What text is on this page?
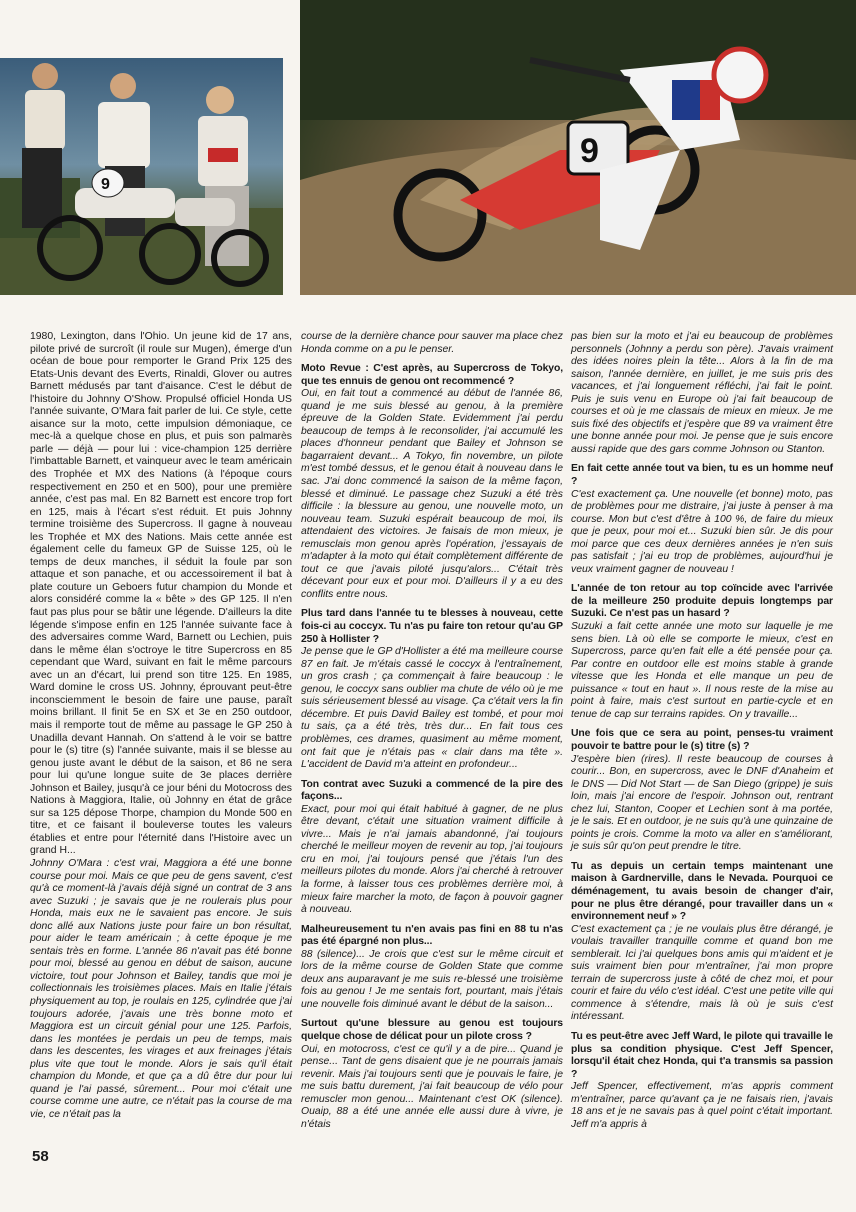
9
9

1980, Lexington, dans l'Ohio. Un jeune kid de 17 ans, pilote privé de surcroît (il roule sur Mugen), émerge d'un océan de boue pour remporter le Grand Prix 125 des Etats-Unis devant des Everts, Rinaldi, Glover ou autres Barnett médusés par tant d'aisance. C'est le début de l'histoire du Johnny O'Show. Propulsé officiel Honda US l'année suivante, O'Mara fait parler de lui. Ce style, cette aisance sur la moto, cette impulsion démoniaque, ce mec-là a quelque chose en plus, et puis son palmarès parle — déjà — pour lui : vice-champion 125 derrière l'imbattable Barnett, et vainqueur avec le team américain des Trophée et MX des Nations (à l'époque cours respectivement en 250 et en 500), pour une première année, c'est pas mal. En 82 Barnett est encore trop fort en 125, mais à l'écart s'est réduit. Et puis Johnny termine troisième des Supercross. Il gagne à nouveau les Trophée et MX des Nations. Mais cette année est également celle du fameux GP de Suisse 125, où le temps de deux manches, il séduit la foule par son attaque et son panache, et ou accessoirement il bat à plate couture un Geboers futur champion du Monde et alors considéré comme la « bête » des GP 125. Il n'en faut pas plus pour se bâtir une légende. D'ailleurs la dite légende s'impose enfin en 125 l'année suivante face à des adversaires comme Ward, Barnett ou Lechien, puis dans le même élan s'octroye le titre Supercross en 85 cependant que Ward, suivant en fait le même parcours avec un an d'écart, lui prend son titre 125. En 1985, Ward domine le cross US. Johnny, éprouvant peut-être inconsciemment le besoin de faire une pause, paraît moins brillant. Il finit 5e en SX et 3e en 250 outdoor, mais il remporte tout de même au passage le GP 250 à Unadilla devant Hannah. On s'attend à le voir se battre pour le (s) titre (s) l'année suivante, mais il se blesse au genou juste avant le début de la saison, et 86 ne sera pour lui qu'une longue suite de 3e places derrière Johnson et Bailey, jusqu'à ce jour béni du Motocross des Nations à Maggiora, Italie, où Johnny en état de grâce sur sa 125 dépose Thorpe, champion du Monde 500 en titre, et ce faisant il bouleverse toutes les valeurs établies et entre pour l'éternité dans l'Histoire avec un grand H...

Johnny O'Mara : c'est vrai, Maggiora a été une bonne course pour moi. Mais ce que peu de gens savent, c'est qu'à ce moment-là j'avais déjà signé un contrat de 3 ans avec Suzuki ; je savais que je ne roulerais plus pour Honda, mais eux ne le savaient pas encore. Je suis donc allé aux Nations juste pour faire un bon résultat, pour aider le team américain ; à cette époque je me sentais très en forme. L'année 86 n'avait pas été bonne pour moi, blessé au genou en début de saison, aucune victoire, tout pour Johnson et Bailey, tandis que moi je collectionnais les troisièmes places. Mais en Italie j'étais physiquement au top, je roulais en 125, cylindrée que j'ai toujours adorée, j'avais une très bonne moto et Maggiora est un circuit génial pour une 125. Parfois, dans les montées je perdais un peu de temps, mais dans les descentes, les virages et aux freinages j'étais plus vite que tout le monde. Alors je sais qu'il était champion du Monde, et que ça a dû être dur pour lui quand je l'ai passé, sûrement... Pour moi c'était une course comme une autre, ce n'était pas la course de ma vie, ce n'était pas la

course de la dernière chance pour sauver ma place chez Honda comme on a pu le penser.

Moto Revue : C'est après, au Supercross de Tokyo, que tes ennuis de genou ont recommencé ?

Oui, en fait tout a commencé au début de l'année 86, quand je me suis blessé au genou, à la première épreuve de la Golden State. Evidemment j'ai perdu beaucoup de temps à le reconsolider, j'ai accumulé les places d'honneur pendant que Bailey et Johnson se bagarraient devant... A Tokyo, fin novembre, un pilote m'est tombé dessus, et le genou était à nouveau dans le sac. J'ai donc commencé la saison de la même façon, blessé et diminué. Le passage chez Suzuki a été très difficile : la blessure au genou, une nouvelle moto, un nouveau team. Suzuki espérait beaucoup de moi, ils attendaient des victoires. Je faisais de mon mieux, je remusclais mon genou après l'opération, j'essayais de m'adapter à la moto qui était complètement différente de tout ce que j'avais piloté jusqu'alors... C'était très décevant pour eux et pour moi. D'ailleurs il y a eu des conflits entre nous.

Plus tard dans l'année tu te blesses à nouveau, cette fois-ci au coccyx. Tu n'as pu faire ton retour qu'au GP 250 à Hollister ?

Je pense que le GP d'Hollister a été ma meilleure course 87 en fait. Je m'étais cassé le coccyx à l'entraînement, un gros crash ; ça commençait à faire beaucoup : le genou, le coccyx sans oublier ma chute de vélo où je me suis sérieusement blessé au visage. Ça c'était vers la fin décembre. Et puis David Bailey est tombé, et pour moi tu sais, ça a été très, très dur... En fait tous ces problèmes, ces drames, quasiment au même moment, ont fait que je n'étais pas « clair dans ma tête ». L'accident de David m'a atteint en profondeur...

Ton contrat avec Suzuki a commencé de la pire des façons...

Exact, pour moi qui était habitué à gagner, de ne plus être devant, c'était une situation vraiment difficile à vivre... Mais je n'ai jamais abandonné, j'ai toujours cherché le meilleur moyen de revenir au top, j'ai toujours cru en moi, j'ai toujours pensé que j'étais l'un des meilleurs pilotes du monde. Alors j'ai cherché à retrouver la forme, à laisser tous ces problèmes derrière moi, à mieux faire marcher la moto, de façon à pouvoir gagner à nouveau.

Malheureusement tu n'en avais pas fini en 88 tu n'as pas été épargné non plus...

88 (silence)... Je crois que c'est sur le même circuit et lors de la même course de Golden State que comme deux ans auparavant je me suis re-blessé une troisième fois au genou ! Je me sentais fort, pourtant, mais j'étais une nouvelle fois diminué avant le début de la saison...

Surtout qu'une blessure au genou est toujours quelque chose de délicat pour un pilote cross ?

Oui, en motocross, c'est ce qu'il y a de pire... Quand je pense... Tant de gens disaient que je ne pourrais jamais revenir. Mais j'ai toujours senti que je pouvais le faire, je me suis battu durement, j'ai fait beaucoup de vélo pour remuscler mon genou... Maintenant c'est OK (silence). Ouaip, 88 a été une année elle aussi dure à vivre, je n'étais

pas bien sur la moto et j'ai eu beaucoup de problèmes personnels (Johnny a perdu son père). J'avais vraiment des idées noires plein la tête... Alors à la fin de ma saison, l'année dernière, en juillet, je me suis pris des vacances, et j'ai longuement réfléchi, j'ai fait le point. Puis je suis venu en Europe où j'ai fait beaucoup de courses et où je me classais de mieux en mieux. Je me suis fixé des objectifs et j'espère que 89 va vraiment être une bonne année pour moi. Je pense que je suis encore aussi rapide que des gars comme Johnson ou Stanton.

En fait cette année tout va bien, tu es un homme neuf ?

C'est exactement ça. Une nouvelle (et bonne) moto, pas de problèmes pour me distraire, j'ai juste à penser à ma course. Mon but c'est d'être à 100 %, de faire du mieux que je peux, pour moi et... Suzuki bien sûr. Je dis pour moi parce que ces deux dernières années je n'en suis pas satisfait ; j'ai eu trop de problèmes, aujourd'hui je veux vraiment gagner de nouveau !

L'année de ton retour au top coïncide avec l'arrivée de la meilleure 250 produite depuis longtemps par Suzuki. Ce n'est pas un hasard ?

Suzuki a fait cette année une moto sur laquelle je me sens bien. Là où elle se comporte le mieux, c'est en Supercross, parce qu'en fait elle a été pensée pour ça. Par contre en outdoor elle est moins stable à grande vitesse que les Honda et elle manque un peu de puissance « tout en haut ». Il nous reste de la mise au point à faire, mais c'est surtout en partie-cycle et en tenue de cap sur terrains rapides. On y travaille...

Une fois que ce sera au point, penses-tu vraiment pouvoir te battre pour le (s) titre (s) ?

J'espère bien (rires). Il reste beaucoup de courses à courir... Bon, en supercross, avec le DNF d'Anaheim et le DNS — Did Not Start — de San Diego (grippe) je suis loin, mais j'ai encore de l'espoir. Johnson out, rentrant chez lui, Stanton, Cooper et Lechien sont à ma portée, je le sais. Et en outdoor, je ne suis qu'à une quinzaine de points je crois. Comme la moto va aller en s'améliorant, je suis sûr qu'on peut prendre le titre.

Tu as depuis un certain temps maintenant une maison à Gardnerville, dans le Nevada. Pourquoi ce déménagement, tu avais besoin de changer d'air, pour ne plus être dérangé, pour travailler dans un « environnement neuf » ?

C'est exactement ça ; je ne voulais plus être dérangé, je voulais travailler tranquille comme et quand bon me semblerait. Ici j'ai quelques bons amis qui m'aident et je suis vraiment bien pour m'entraîner, j'ai mon propre terrain de supercross juste à côté de chez moi, et pour courir et faire du vélo c'est idéal. C'est une petite ville qui commence à s'étendre, mais là où je suis c'est intéressant.

Tu es peut-être avec Jeff Ward, le pilote qui travaille le plus sa condition physique. C'est Jeff Spencer, lorsqu'il était chez Honda, qui t'a transmis sa passion ?

Jeff Spencer, effectivement, m'as appris comment m'entraîner, parce qu'avant ça je ne faisais rien, j'avais 18 ans et je ne savais pas à quel point c'était important. Jeff m'a appris à

58
